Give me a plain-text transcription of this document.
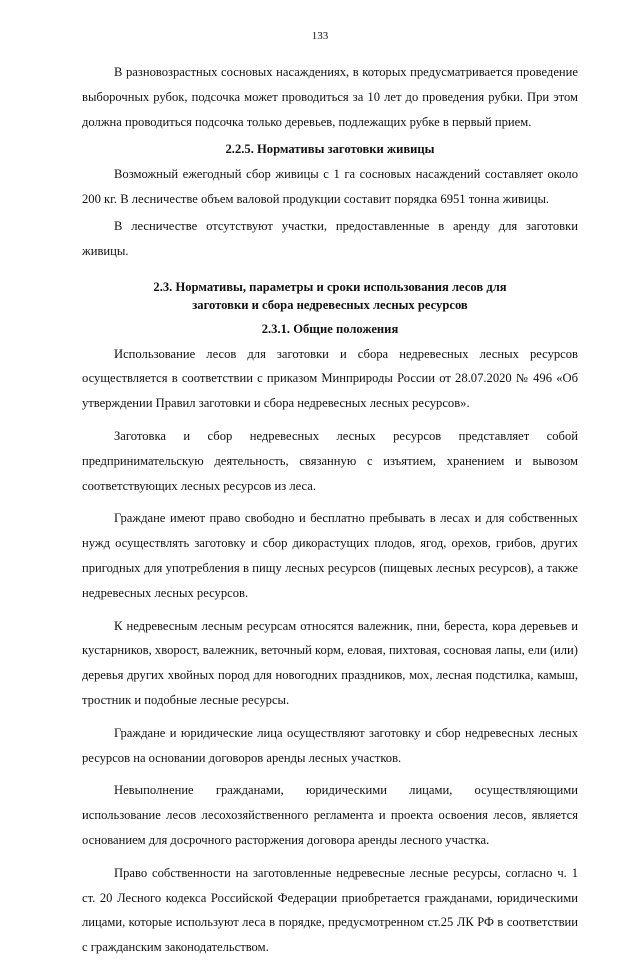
133

В разновозрастных сосновых насаждениях, в которых предусматривается проведение выборочных рубок, подсочка может проводиться за 10 лет до проведения рубки. При этом должна проводиться подсочка только деревьев, подлежащих рубке в первый прием.

2.2.5. Нормативы заготовки живицы

Возможный ежегодный сбор живицы с 1 га сосновых насаждений составляет около 200 кг. В лесничестве объем валовой продукции составит порядка 6951 тонна живицы.

В лесничестве отсутствуют участки, предоставленные в аренду для заготовки живицы.

2.3. Нормативы, параметры и сроки использования лесов для
заготовки и сбора недревесных лесных ресурсов
2.3.1. Общие положения

Использование лесов для заготовки и сбора недревесных лесных ресурсов осуществляется в соответствии с приказом Минприроды России от 28.07.2020 № 496 «Об утверждении Правил заготовки и сбора недревесных лесных ресурсов».

Заготовка и сбор недревесных лесных ресурсов представляет собой предпринимательскую деятельность, связанную с изъятием, хранением и вывозом соответствующих лесных ресурсов из леса.

Граждане имеют право свободно и бесплатно пребывать в лесах и для собственных нужд осуществлять заготовку и сбор дикорастущих плодов, ягод, орехов, грибов, других пригодных для употребления в пищу лесных ресурсов (пищевых лесных ресурсов), а также недревесных лесных ресурсов.

К недревесным лесным ресурсам относятся валежник, пни, береста, кора деревьев и кустарников, хворост, валежник, веточный корм, еловая, пихтовая, сосновая лапы, ели (или) деревья других хвойных пород для новогодних праздников, мох, лесная подстилка, камыш, тростник и подобные лесные ресурсы.

Граждане и юридические лица осуществляют заготовку и сбор недревесных лесных ресурсов на основании договоров аренды лесных участков.

Невыполнение гражданами, юридическими лицами, осуществляющими использование лесов лесохозяйственного регламента и проекта освоения лесов, является основанием для досрочного расторжения договора аренды лесного участка.

Право собственности на заготовленные недревесные лесные ресурсы, согласно ч. 1 ст. 20 Лесного кодекса Российской Федерации приобретается гражданами, юридическими лицами, которые используют леса в порядке, предусмотренном ст.25 ЛК РФ в соответствии с гражданским законодательством.
